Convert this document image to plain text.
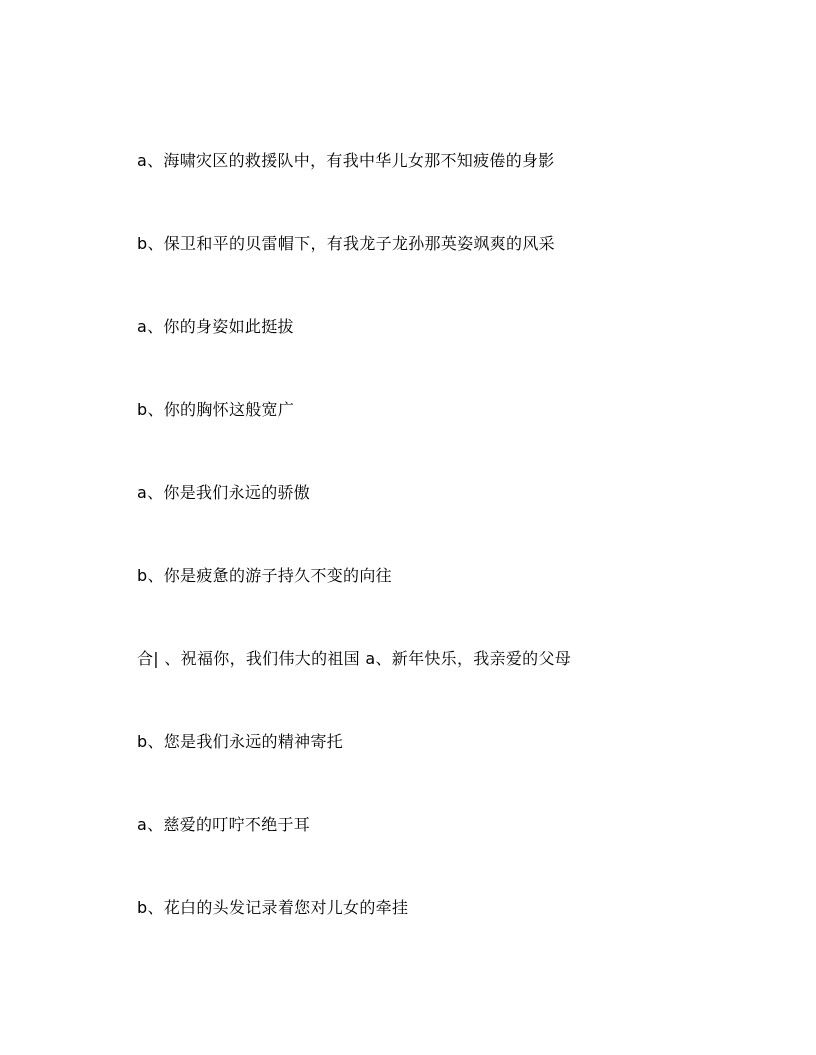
a、海啸灾区的救援队中，有我中华儿女那不知疲倦的身影
b、保卫和平的贝雷帽下，有我龙子龙孙那英姿飒爽的风采
a、你的身姿如此挺拔
b、你的胸怀这般宽广
a、你是我们永远的骄傲
b、你是疲惫的游子持久不变的向往
合| 、祝福你，我们伟大的祖国 a、新年快乐，我亲爱的父母
b、您是我们永远的精神寄托
a、慈爱的叮咛不绝于耳
b、花白的头发记录着您对儿女的牵挂
